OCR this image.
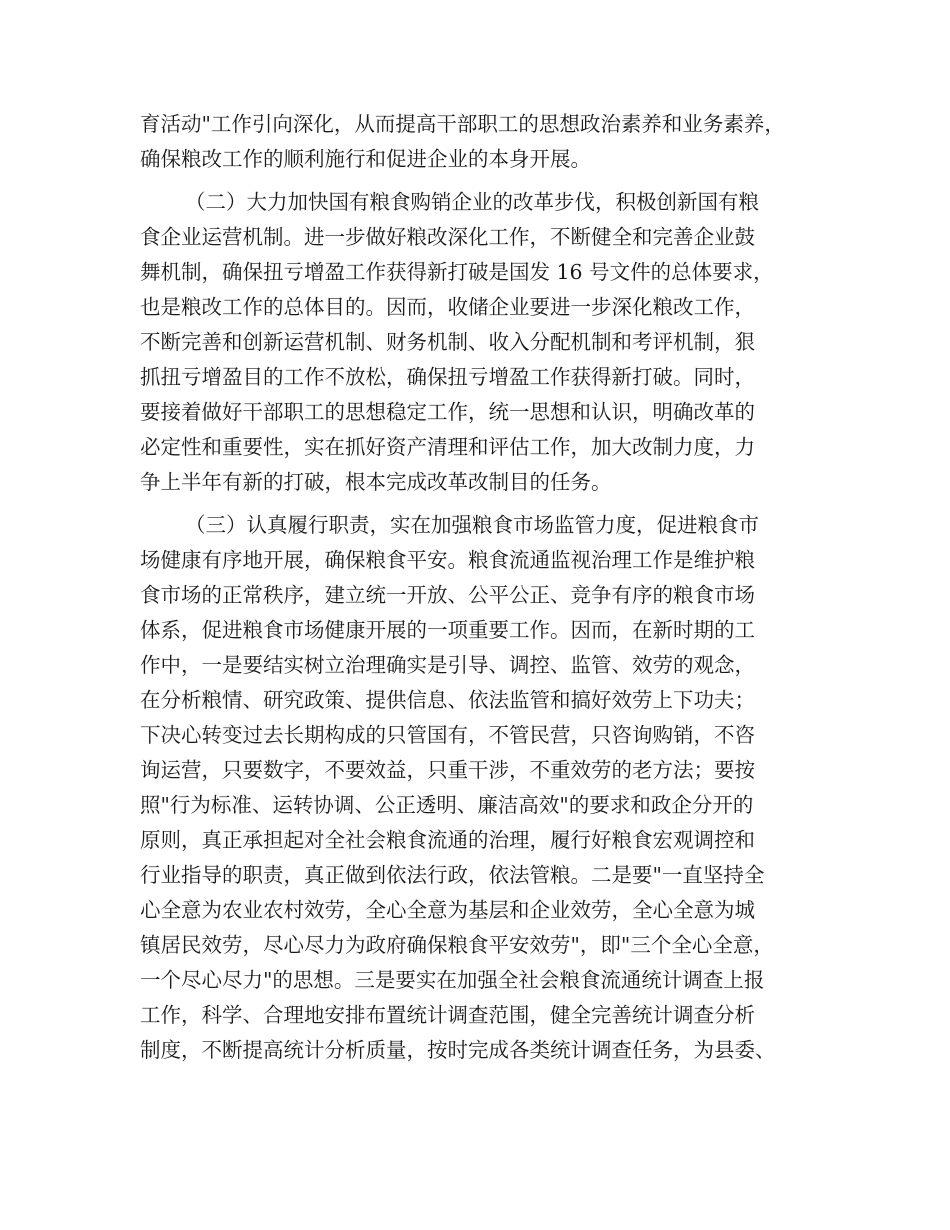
育活动"工作引向深化，从而提高干部职工的思想政治素养和业务素养，
确保粮改工作的顺利施行和促进企业的本身开展。
（二）大力加快国有粮食购销企业的改革步伐，积极创新国有粮
食企业运营机制。进一步做好粮改深化工作，不断健全和完善企业鼓
舞机制，确保扭亏增盈工作获得新打破是国发 16 号文件的总体要求，
也是粮改工作的总体目的。因而，收储企业要进一步深化粮改工作，
不断完善和创新运营机制、财务机制、收入分配机制和考评机制，狠
抓扭亏增盈目的工作不放松，确保扭亏增盈工作获得新打破。同时，
要接着做好干部职工的思想稳定工作，统一思想和认识，明确改革的
必定性和重要性，实在抓好资产清理和评估工作，加大改制力度，力
争上半年有新的打破，根本完成改革改制目的任务。
（三）认真履行职责，实在加强粮食市场监管力度，促进粮食市
场健康有序地开展，确保粮食平安。粮食流通监视治理工作是维护粮
食市场的正常秩序，建立统一开放、公平公正、竞争有序的粮食市场
体系，促进粮食市场健康开展的一项重要工作。因而，在新时期的工
作中，一是要结实树立治理确实是引导、调控、监管、效劳的观念，
在分析粮情、研究政策、提供信息、依法监管和搞好效劳上下功夫；
下决心转变过去长期构成的只管国有，不管民营，只咨询购销，不咨
询运营，只要数字，不要效益，只重干涉，不重效劳的老方法；要按
照"行为标准、运转协调、公正透明、廉洁高效"的要求和政企分开的
原则，真正承担起对全社会粮食流通的治理，履行好粮食宏观调控和
行业指导的职责，真正做到依法行政，依法管粮。二是要"一直坚持全
心全意为农业农村效劳，全心全意为基层和企业效劳，全心全意为城
镇居民效劳，尽心尽力为政府确保粮食平安效劳"，即"三个全心全意，
一个尽心尽力"的思想。三是要实在加强全社会粮食流通统计调查上报
工作，科学、合理地安排布置统计调查范围，健全完善统计调查分析
制度，不断提高统计分析质量，按时完成各类统计调查任务，为县委、
